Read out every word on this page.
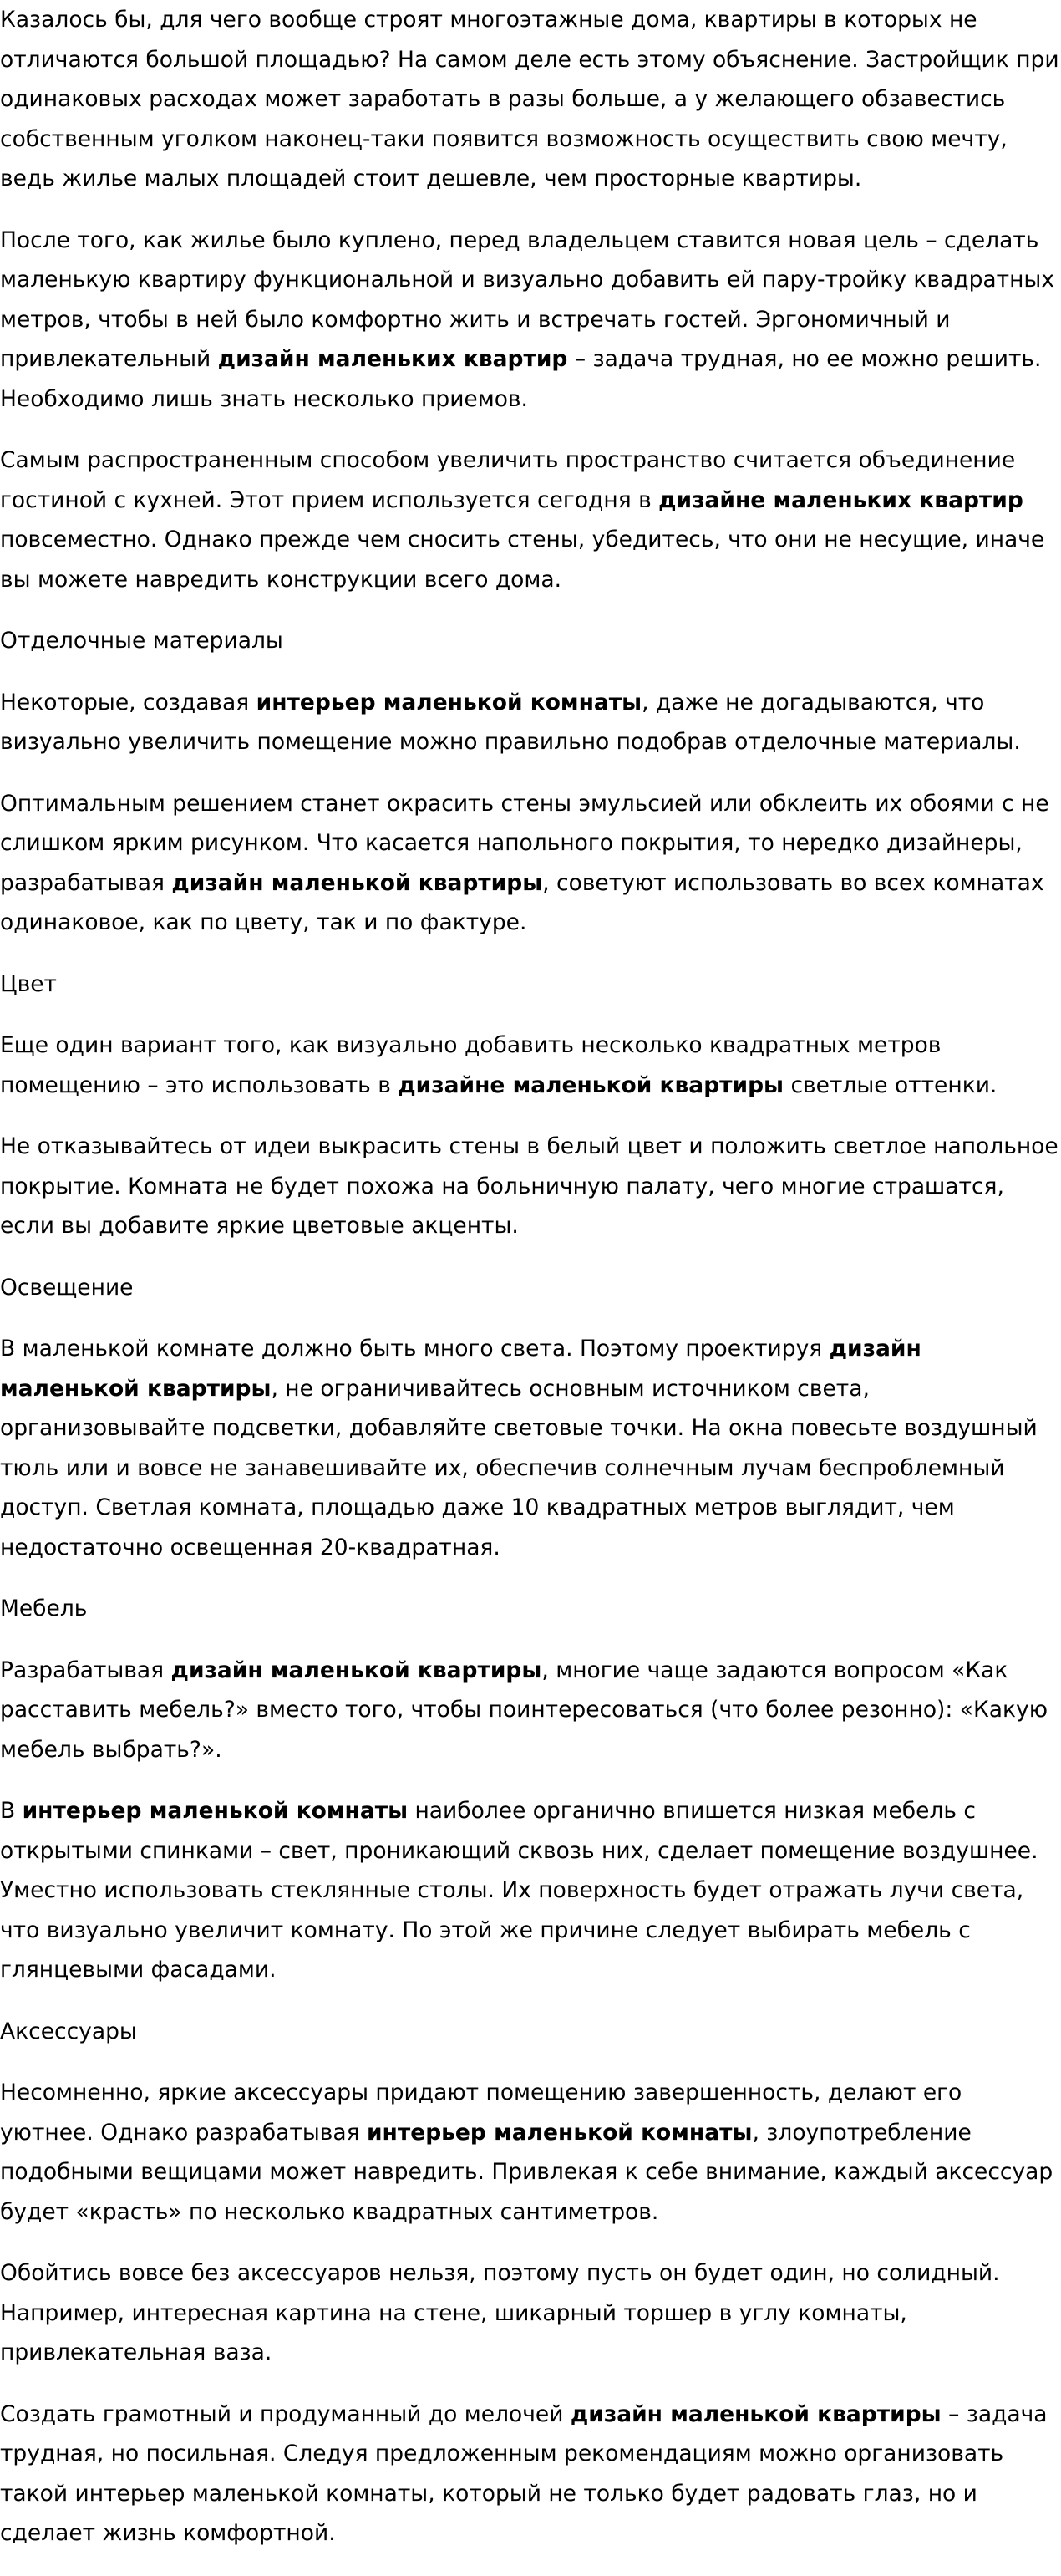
Казалось бы, для чего вообще строят многоэтажные дома, квартиры в которых не отличаются большой площадью? На самом деле есть этому объяснение. Застройщик при одинаковых расходах может заработать в разы больше, а у желающего обзавестись собственным уголком наконец-таки появится возможность осуществить свою мечту, ведь жилье малых площадей стоит дешевле, чем просторные квартиры.

После того, как жилье было куплено, перед владельцем ставится новая цель – сделать маленькую квартиру функциональной и визуально добавить ей пару-тройку квадратных метров, чтобы в ней было комфортно жить и встречать гостей. Эргономичный и привлекательный дизайн маленьких квартир – задача трудная, но ее можно решить. Необходимо лишь знать несколько приемов.

Самым распространенным способом увеличить пространство считается объединение гостиной с кухней. Этот прием используется сегодня в дизайне маленьких квартир повсеместно. Однако прежде чем сносить стены, убедитесь, что они не несущие, иначе вы можете навредить конструкции всего дома.

Отделочные материалы

Некоторые, создавая интерьер маленькой комнаты, даже не догадываются, что визуально увеличить помещение можно правильно подобрав отделочные материалы.

Оптимальным решением станет окрасить стены эмульсией или обклеить их обоями с не слишком ярким рисунком. Что касается напольного покрытия, то нередко дизайнеры, разрабатывая дизайн маленькой квартиры, советуют использовать во всех комнатах одинаковое, как по цвету, так и по фактуре.

Цвет

Еще один вариант того, как визуально добавить несколько квадратных метров помещению – это использовать в дизайне маленькой квартиры светлые оттенки.

Не отказывайтесь от идеи выкрасить стены в белый цвет и положить светлое напольное покрытие. Комната не будет похожа на больничную палату, чего многие страшатся, если вы добавите яркие цветовые акценты.

Освещение

В маленькой комнате должно быть много света. Поэтому проектируя дизайн маленькой квартиры, не ограничивайтесь основным источником света, организовывайте подсветки, добавляйте световые точки. На окна повесьте воздушный тюль или и вовсе не занавешивайте их, обеспечив солнечным лучам беспроблемный доступ. Светлая комната, площадью даже 10 квадратных метров выглядит, чем недостаточно освещенная 20-квадратная.

Мебель

Разрабатывая дизайн маленькой квартиры, многие чаще задаются вопросом «Как расставить мебель?» вместо того, чтобы поинтересоваться (что более резонно): «Какую мебель выбрать?».

В интерьер маленькой комнаты наиболее органично впишется низкая мебель с открытыми спинками – свет, проникающий сквозь них, сделает помещение воздушнее. Уместно использовать стеклянные столы. Их поверхность будет отражать лучи света, что визуально увеличит комнату. По этой же причине следует выбирать мебель с глянцевыми фасадами.

Аксессуары

Несомненно, яркие аксессуары придают помещению завершенность, делают его уютнее. Однако разрабатывая интерьер маленькой комнаты, злоупотребление подобными вещицами может навредить. Привлекая к себе внимание, каждый аксессуар будет «красть» по несколько квадратных сантиметров.

Обойтись вовсе без аксессуаров нельзя, поэтому пусть он будет один, но солидный. Например, интересная картина на стене, шикарный торшер в углу комнаты, привлекательная ваза.

Создать грамотный и продуманный до мелочей дизайн маленькой квартиры – задача трудная, но посильная. Следуя предложенным рекомендациям можно организовать такой интерьер маленькой комнаты, который не только будет радовать глаз, но и сделает жизнь комфортной.
